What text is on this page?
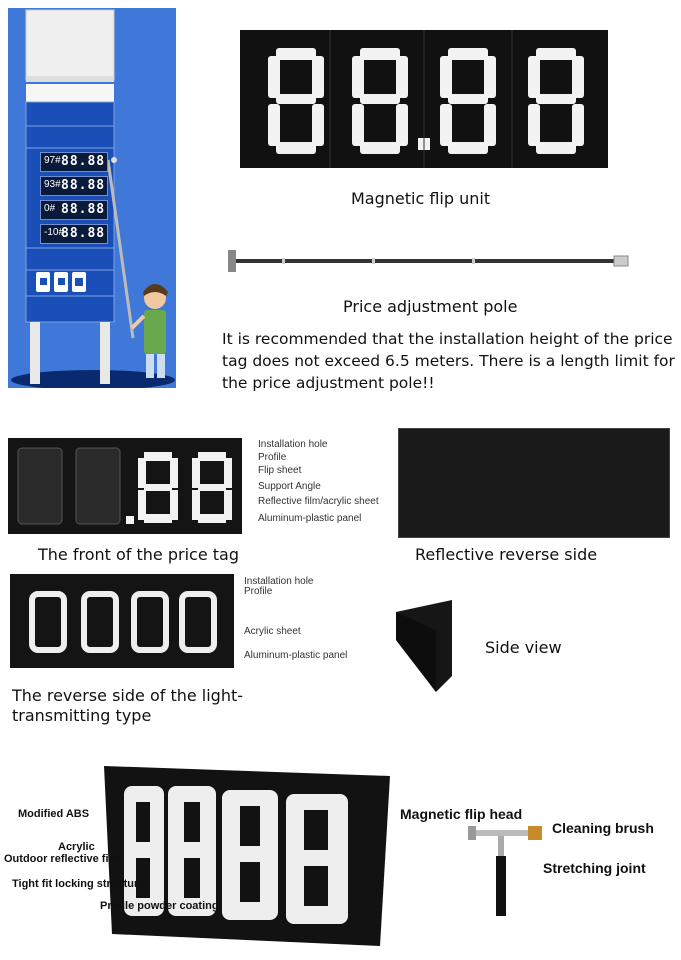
97# 88.88
93# 88.88
0# 88.88
-10#
88.88
Magnetic flip unit
Price adjustment pole
It is recommended that the installation height of the price tag does not exceed 6.5 meters. There is a length limit for the price adjustment pole!!
Installation hole
Profile
Flip sheet
Support Angle
Reflective film/acrylic sheet
Aluminum-plastic panel
The front of the price tag	Reflective reverse side
Installation hole
Profile
Acrylic sheet
Aluminum-plastic panel
The reverse side of the light-
transmitting type
Side view
Modified ABS
Acrylic
Outdoor reflective film
Tight fit locking structure
Profile powder coating
Magnetic flip head
Cleaning brush
Stretching joint
